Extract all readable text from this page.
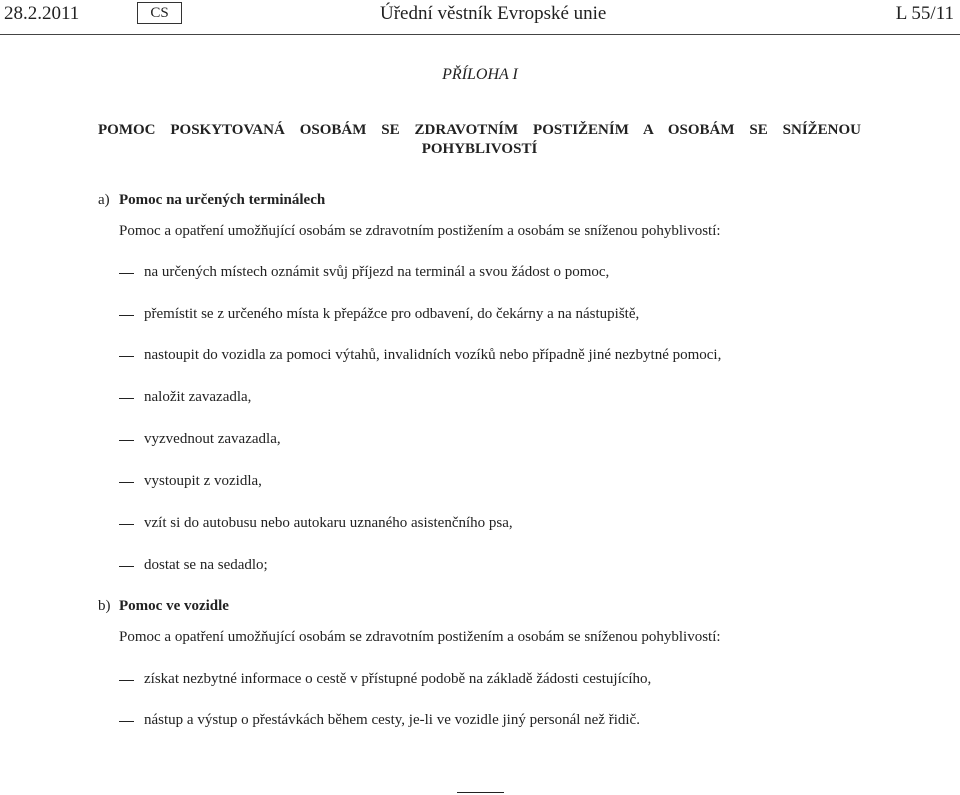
28.2.2011	CS	Úřední věstník Evropské unie	L 55/11
PŘÍLOHA I
POMOC POSKYTOVANÁ OSOBÁM SE ZDRAVOTNÍM POSTIŽENÍM A OSOBÁM SE SNÍŽENOU POHYBLIVOSTÍ
a) Pomoc na určených terminálech
Pomoc a opatření umožňující osobám se zdravotním postižením a osobám se sníženou pohyblivostí:
na určených místech oznámit svůj příjezd na terminál a svou žádost o pomoc,
přemístit se z určeného místa k přepážce pro odbavení, do čekárny a na nástupiště,
nastoupit do vozidla za pomoci výtahů, invalidních vozíků nebo případně jiné nezbytné pomoci,
naložit zavazadla,
vyzvednout zavazadla,
vystoupit z vozidla,
vzít si do autobusu nebo autokaru uznaného asistenčního psa,
dostat se na sedadlo;
b) Pomoc ve vozidle
Pomoc a opatření umožňující osobám se zdravotním postižením a osobám se sníženou pohyblivostí:
získat nezbytné informace o cestě v přístupné podobě na základě žádosti cestujícího,
nástup a výstup o přestávkách během cesty, je-li ve vozidle jiný personál než řidič.
